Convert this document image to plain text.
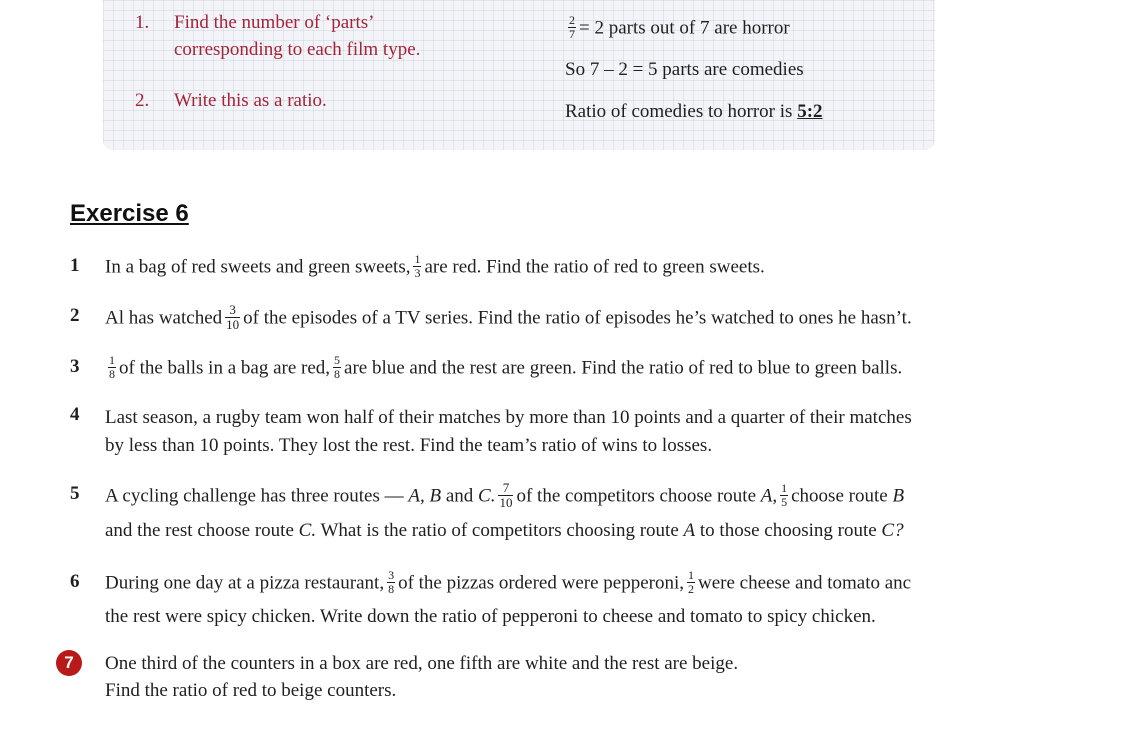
1. Find the number of ‘parts’
corresponding to each film type.
2. Write this as a ratio.
$\frac{2}{7} = 2$ parts out of 7 are horror
So 7 – 2 = 5 parts are comedies
Ratio of comedies to horror is 5:2
Exercise 6
1 In a bag of red sweets and green sweets, $\frac{1}{3}$ are red. Find the ratio of red to green sweets.
2 Al has watched $\frac{3}{10}$ of the episodes of a TV series. Find the ratio of episodes he’s watched to ones he hasn’t.
$3 \frac{1}{8}$ of the balls in a bag are red, $\frac{5}{8}$ are blue and the rest are green. Find the ratio of red to blue to green balls.
4 Last season, a rugby team won half of their matches by more than 10 points and a quarter of their matches
by less than 10 points. They lost the rest. Find the team’s ratio of wins to losses.
5 A cycling challenge has three routes — A, B and C. $\frac{7}{10}$ of the competitors choose route A, $\frac{1}{5}$ choose route B
and the rest choose route C. What is the ratio of competitors choosing route A to those choosing route C?
6 During one day at a pizza restaurant, $\frac{3}{8}$ of the pizzas ordered were pepperoni, $\frac{1}{2}$ were cheese and tomato anc
the rest were spicy chicken. Write down the ratio of pepperoni to cheese and tomato to spicy chicken.
7	One third of the counters in a box are red, one fifth are white and the rest are beige.
Find the ratio of red to beige counters.
